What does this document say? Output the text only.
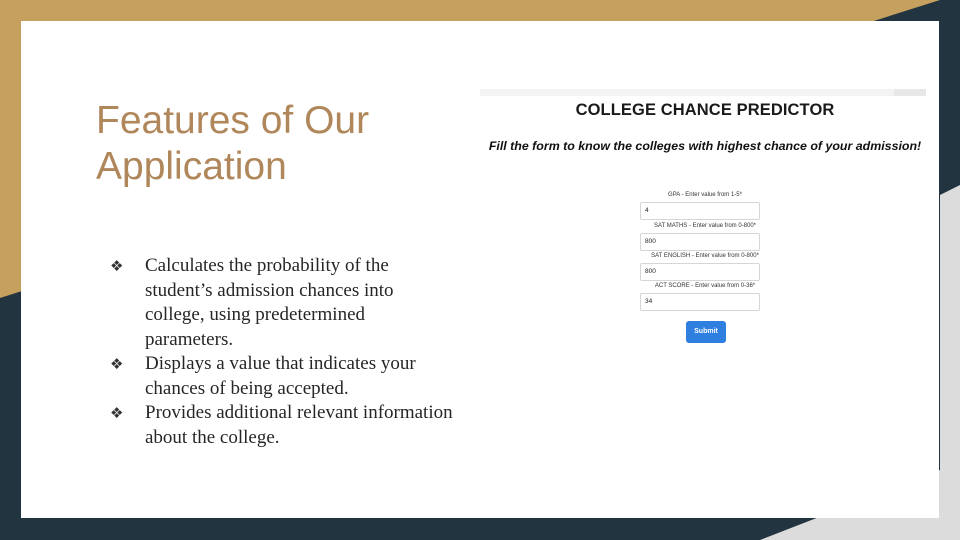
Features of Our Application
❖ Calculates the probability of the student’s admission chances into college, using predetermined parameters.
❖ Displays a value that indicates your chances of being accepted.
❖ Provides additional relevant information about the college.
COLLEGE CHANCE PREDICTOR
Fill the form to know the colleges with highest chance of your admission!
GPA - Enter value from 1-5*
4
SAT MATHS - Enter value from 0-800*
800
SAT ENGLISH - Enter value from 0-800*
800
ACT SCORE - Enter value from 0-36*
34
Submit
